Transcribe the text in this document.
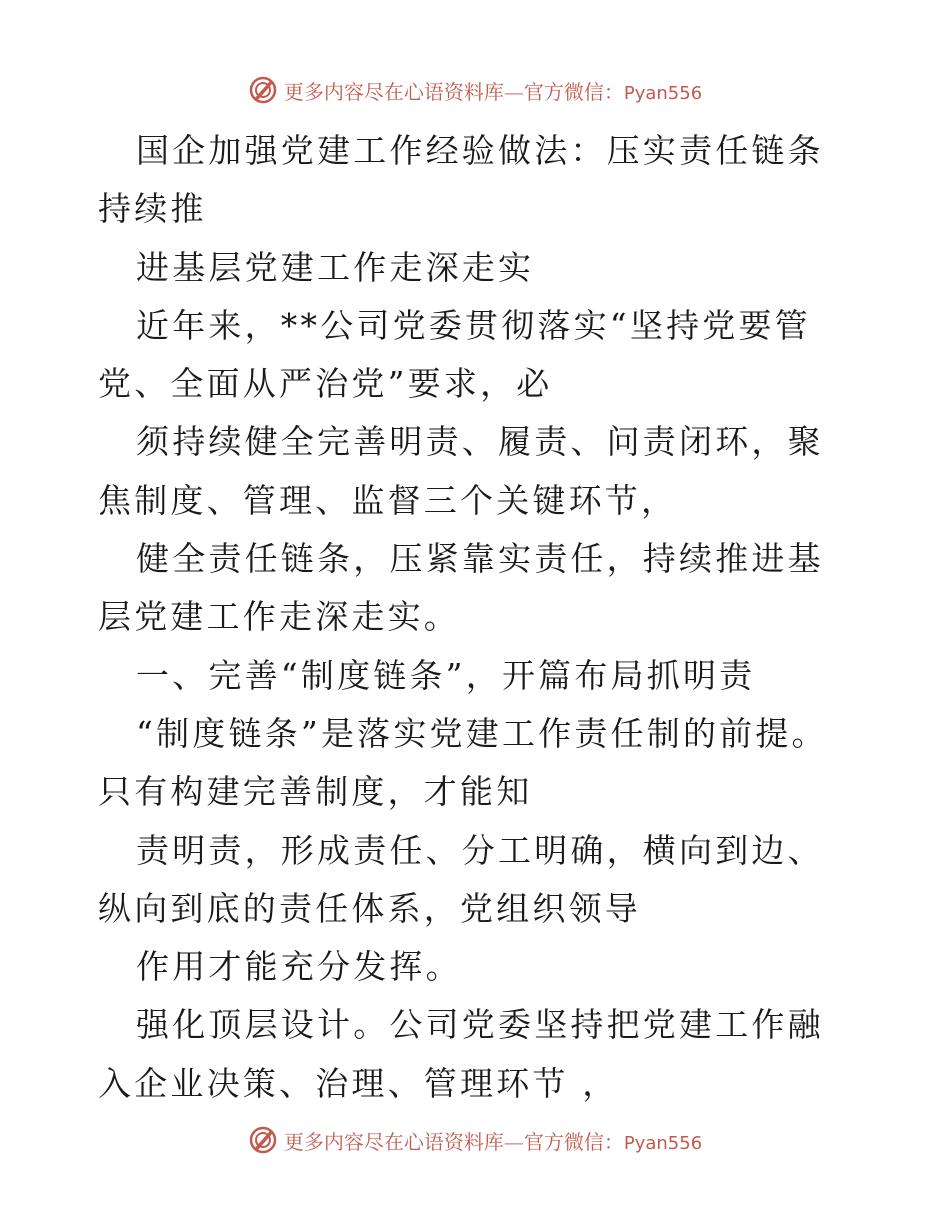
更多内容尽在心语资料库—官方微信：Pyan556

国企加强党建工作经验做法：压实责任链条 持续推

进基层党建工作走深走实

近年来，**公司党委贯彻落实“坚持党要管党、全面从严治党”要求，必

须持续健全完善明责、履责、问责闭环，聚焦制度、管理、监督三个关键环节，

健全责任链条，压紧靠实责任，持续推进基层党建工作走深走实。

一、完善“制度链条”，开篇布局抓明责

“制度链条”是落实党建工作责任制的前提。只有构建完善制度，才能知

责明责，形成责任、分工明确，横向到边、纵向到底的责任体系，党组织领导

作用才能充分发挥。

强化顶层设计。公司党委坚持把党建工作融入企业决策、治理、管理环节 ，

更多内容尽在心语资料库—官方微信：Pyan556
